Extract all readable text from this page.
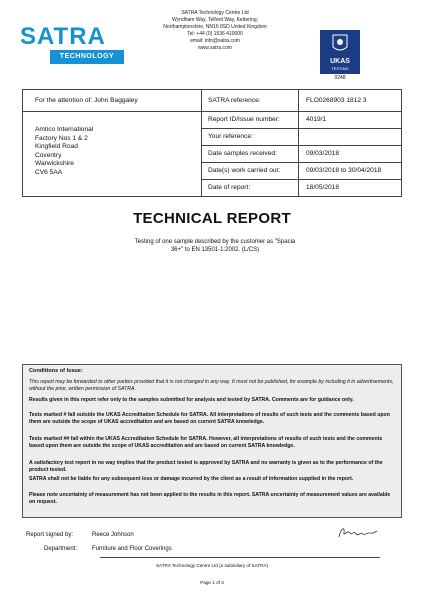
SATRA
TECHNOLOGY
SATRA Technology Centre Ltd
Wyndham Way, Telford Way, Kettering,
Northamptonshire, NN16 8SD United Kingdom
Tel: +44 (0) 1536 410000
email: info@satra.com
www.satra.com
UKAS
TESTING
0248
For the attention of: John Baggaley	SATRA reference:	FLO0268903 1812 3
Amtico International
Factory Nos 1 & 2
Kingfield Road
Coventry
Warwickshire
CV6 5AA
Report ID/Issue number:	4019/1
Your reference:
Date samples received:	09/03/2018
Date(s) work carried out:	09/03/2018 to 30/04/2018
Date of report:	18/05/2018
TECHNICAL REPORT
Testing of one sample described by the customer as "Spacia 36+" to EN 13501-1:2002. (L/CS)
Conditions of Issue:
This report may be forwarded to other parties provided that it is not changed in any way. It must not be published, for example by including it in advertisements, without the prior, written permission of SATRA.
Results given in this report refer only to the samples submitted for analysis and tested by SATRA. Comments are for guidance only.
Tests marked # fall outside the UKAS Accreditation Schedule for SATRA. All interpretations of results of such tests and the comments based upon them are outside the scope of UKAS accreditation and are based on current SATRA knowledge.
Tests marked ## fall within the UKAS Accreditation Schedule for SATRA. However, all interpretations of results of such tests and the comments based upon them are outside the scope of UKAS accreditation and are based on current SATRA knowledge.
A satisfactory test report in no way implies that the product tested is approved by SATRA and no warranty is given as to the performance of the product tested.
SATRA shall not be liable for any subsequent loss or damage incurred by the client as a result of information supplied in the report.
Please note uncertainty of measurement has not been applied to the results in this report. SATRA uncertainty of measurement values are available on request.
Report signed by:	Reece Johnson
Department: Furniture and Floor Coverings
SATRA Technology Centre Ltd (a subsidiary of SATRA)
Page 1 of 3
